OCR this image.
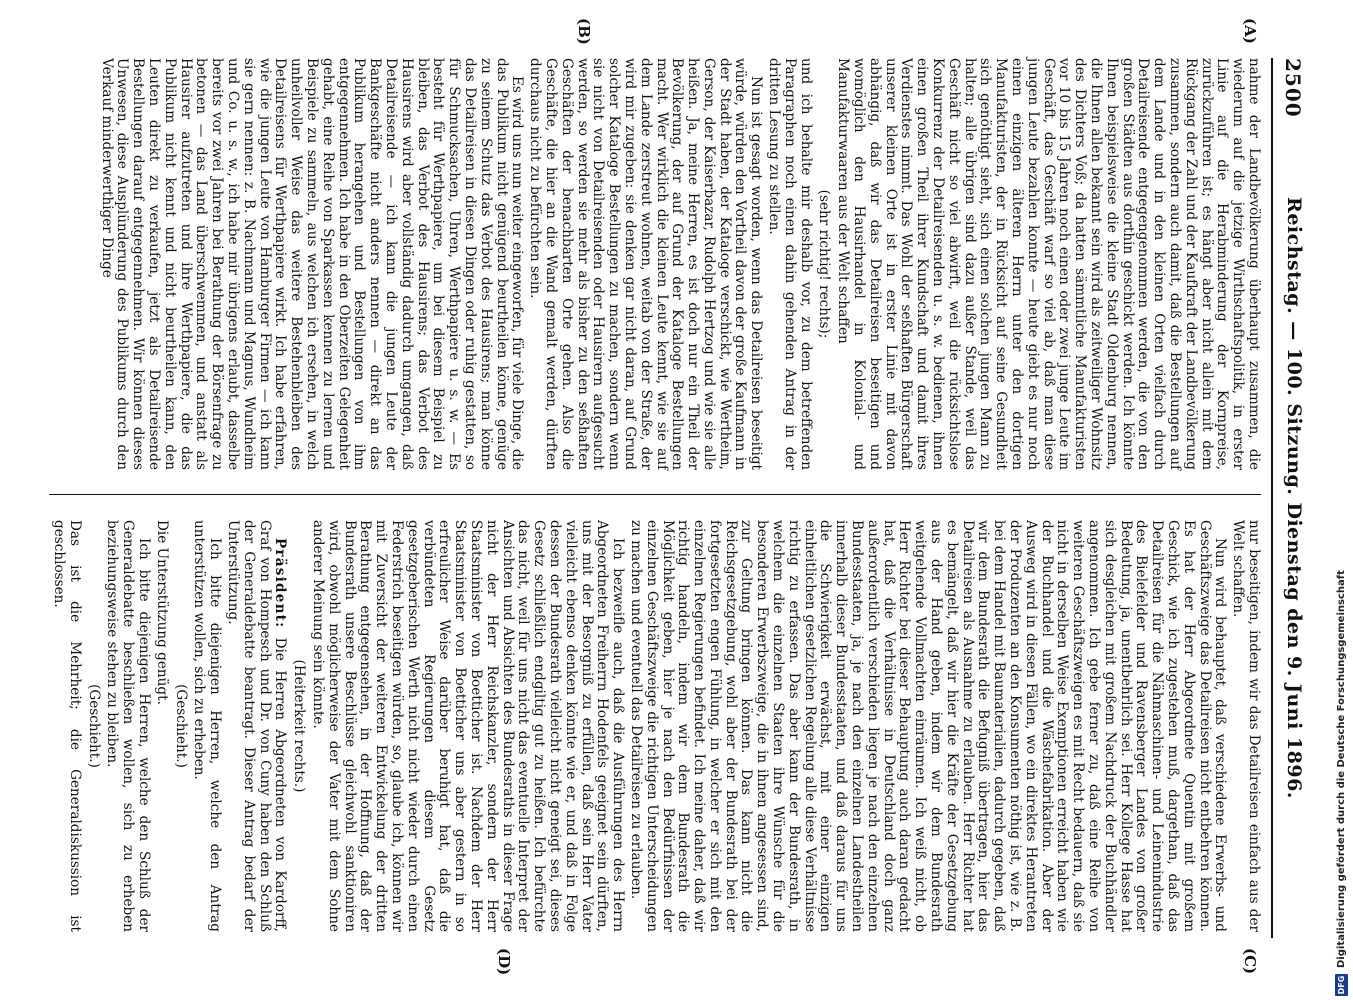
2500
Reichstag. — 100. Sitzung. Dienstag den 9. Juni 1896.
(A)
(B)
(C)
(D)

nahme der Landbevölkerung überhaupt zusammen, die wiederum auf die jetzige Wirthschaftspolitik, in erster Linie auf die Herabminderung der Kornpreise, zurückzuführen ist; es hängt aber nicht allein mit dem Rückgang der Zahl und der Kaufkraft der Landbevölkerung zusammen, sondern auch damit, daß die Bestellungen auf dem Lande und in den kleinen Orten vielfach durch Detailreisende entgegengenommen werden, die von den großen Städten aus dorthin geschickt werden. Ich könnte Ihnen beispielsweise die kleine Stadt Oldenburg nennen, die Ihnen allen bekannt sein wird als zeitweiliger Wohnsitz des Dichters Voß; da hatten sämmtliche Manufakturisten vor 10 bis 15 Jahren noch einen oder zwei junge Leute im Geschäft, das Geschäft warf so viel ab, daß man diese jungen Leute bezahlen konnte — heute giebt es nur noch einen einzigen älteren Herrn unter den dortigen Manufakturisten, der in Rücksicht auf seine Gesundheit sich genöthigt sieht, sich einen solchen jungen Mann zu halten; alle übrigen sind dazu außer Stande, weil das Geschäft nicht so viel abwirft, weil die rücksichtslose Konkurrenz der Detailreisenden u. s. w. bedienen, ihnen einen großen Theil ihrer Kundschaft und damit ihres Verdienstes nimmt. Das Wohl der seßhaften Bürgerschaft unserer kleinen Orte ist in erster Linie mit davon abhängig, daß wir das Detailreisen beseitigen und womöglich den Hausirhandel in Kolonial- und Manufakturwaaren aus der Welt schaffen

(sehr richtig! rechts);

und ich behalte mir deshalb vor, zu dem betreffenden Paragraphen noch einen dahin gehenden Antrag in der dritten Lesung zu stellen.

Nun ist gesagt worden, wenn das Detailreisen beseitigt würde, würden den Vortheil davon der große Kaufmann in der Stadt haben, der Kataloge verschickt, wie Wertheim, Gerson, der Kaiserbazar, Rudolph Hertzog und wie sie alle heißen. Ja, meine Herren, es ist doch nur ein Theil der Bevölkerung, der auf Grund der Kataloge Bestellungen macht. Wer wirklich die kleinen Leute kennt, wie sie auf dem Lande zerstreut wohnen, weitab von der Straße, der wird mir zugeben: sie denken gar nicht daran, auf Grund solcher Kataloge Bestellungen zu machen, sondern wenn sie nicht von Detailreisenden oder Hausirern aufgesucht werden, so werden sie mehr als bisher zu den seßhaften Geschäften der benachbarten Orte gehen. Also die Geschäfte, die hier an die Wand gemalt werden, dürften durchaus nicht zu befürchten sein.

Es wird uns nun weiter eingeworfen, für viele Dinge, die das Publikum nicht genügend beurtheilen könne, genüge zu seinem Schutz das Verbot des Hausirens; man könne das Detailreisen in diesen Dingen oder ruhig gestatten, so für Schmucksachen, Uhren, Werthpapiere u. s. w. — Es besteht für Werthpapiere, um bei diesem Beispiel zu bleiben, das Verbot des Hausirens; das Verbot des Hausirens wird aber vollständig dadurch umgangen, daß Detailreisende — ich kann die jungen Leute der Bankgeschäfte nicht anders nennen — direkt an das Publikum herangehen und Bestellungen von ihm entgegennehmen. Ich habe in den Oberzeiten Gelegenheit gehabt, eine Reihe von Sparkassen kennen zu lernen und Beispiele zu sammeln, aus welchen ich ersehen, in welch unheilvoller Weise das weitere Bestehenbleiben des Detailreisens für Werthpapiere wirkt. Ich habe erfahren, wie die jungen Leute von Hamburger Firmen — ich kann sie gern nennen: z. B. Nachmann und Magnus, Wundheim und Co. u. s. w., ich habe mir übrigens erlaubt, dasselbe bereits vor zwei Jahren bei Berathung der Börsenfrage zu betonen — das Land überschwemmen, und anstatt als Hausirer aufzutreten und ihre Werthpapiere, die das Publikum nicht kennt und nicht beurtheilen kann, den Leuten direkt zu verkaufen, jetzt als Detailreisende Bestellungen darauf entgegennehmen. Wir können dieses Unwesen, diese Ausplünderung des Publikums durch den Verkauf minderwerthiger Dinge

nur beseitigen, indem wir das Detailreisen einfach aus der Welt schaffen.

Nun wird behauptet, daß verschiedene Erwerbs- und Geschäftszweige das Detailreisen nicht entbehren können. Es hat der Herr Abgeordnete Quentin mit großem Geschick, wie ich zugestehen muß, dargethan, daß das Detailreisen für die Nähmaschinen- und Leinenindustrie des Bielefelder und Ravensberger Landes von großer Bedeutung, ja, unentbehrlich sei. Herr Kollege Hasse hat sich desgleichen mit großem Nachdruck der Buchhändler angenommen. Ich gebe ferner zu, daß eine Reihe von weiteren Geschäftszweigen es mit Recht bedauern, daß sie nicht in derselben Weise Exemptionen erreicht haben wie der Buchhandel und die Wäschefabrikation. Aber der Ausweg wird in diesen Fällen, wo ein direktes Herantreten der Produzenten an den Konsumenten nöthig ist, wie z. B. bei dem Handel mit Baumaterialien, dadurch gegeben, daß wir dem Bundesrath die Befugniß übertragen, hier das Detailreisen als Ausnahme zu erlauben. Herr Richter hat es bemängelt, daß wir hier die Kräfte der Gesetzgebung aus der Hand geben, indem wir dem Bundesrath weitgehende Vollmachten einräumen. Ich weiß nicht, ob Herr Richter bei dieser Behauptung auch daran gedacht hat, daß die Verhältnisse in Deutschland doch ganz außerordentlich verschieden liegen je nach den einzelnen Bundesstaaten, ja, je nach den einzelnen Landestheilen innerhalb dieser Bundesstaaten, und daß daraus für uns die Schwierigkeit erwächst, mit einer einzigen einheitlichen gesetzlichen Regelung alle diese Verhältnisse richtig zu erfassen. Das aber kann der Bundesrath, in welchem die einzelnen Staaten ihre Wünsche für die besonderen Erwerbszweige, die in ihnen angesessen sind, zur Geltung bringen können. Das kann nicht die Reichsgesetzgebung, wohl aber der Bundesrath bei der fortgesetzten engen Fühlung, in welcher er sich mit den einzelnen Regierungen befindet. Ich meine daher, daß wir richtig handeln, indem wir dem Bundesrath die Möglichkeit geben, hier je nach den Bedürfnissen der einzelnen Geschäftszweige die richtigen Unterscheidungen zu machen und eventuell das Detailreisen zu erlauben.

Ich bezweifle auch, daß die Ausführungen des Herrn Abgeordneten Freiherrn Hodenfels geeignet sein dürften, uns mit der Besorgniß zu erfüllen, daß sein Herr Vater vielleicht ebenso denken könnte wie er, und daß in Folge dessen der Bundesrath vielleicht nicht geneigt sei, dieses Gesetz schließlich endgiltig gut zu heißen. Ich befürchte das nicht, weil für uns nicht das eventuelle Interpret der Ansichten und Absichten des Bundesraths in dieser Frage nicht der Herr Reichskanzler, sondern der Herr Staatsminister von Boetticher ist. Nachdem der Herr Staatsminister von Boetticher uns aber gestern in so erfreulicher Weise darüber beruhigt hat, daß die verbündeten Regierungen diesem Gesetz gesetzgeberischen Werth nicht nicht wieder durch einen Federstrich beseitigen würden, so, glaube ich, können wir mit Zuversicht der weiteren Entwickelung der dritten Berathung entgegensehen, in der Hoffnung, daß der Bundesrath unsere Beschlüsse gleichwohl sanktioniren wird, obwohl möglicherweise der Vater mit dem Sohne anderer Meinung sein könnte.

(Heiterkeit rechts.)

Präsident: Die Herren Abgeordneten von Kardorff, Graf von Hompesch und Dr. von Cuny haben den Schluß der Generaldebatte beantragt. Dieser Antrag bedarf der Unterstützung.

Ich bitte diejenigen Herren, welche den Antrag unterstützen wollen, sich zu erheben.

(Geschieht.)

Die Unterstützung genügt.

Ich bitte diejenigen Herren, welche den Schluß der Generaldebatte beschließen wollen, sich zu erheben beziehungsweise stehen zu bleiben.

(Geschieht.)

Das ist die Mehrheit; die Generaldiskussion ist geschlossen.

DFGDigitalisierung gefördert durch die Deutsche Forschungsgemeinschaft
